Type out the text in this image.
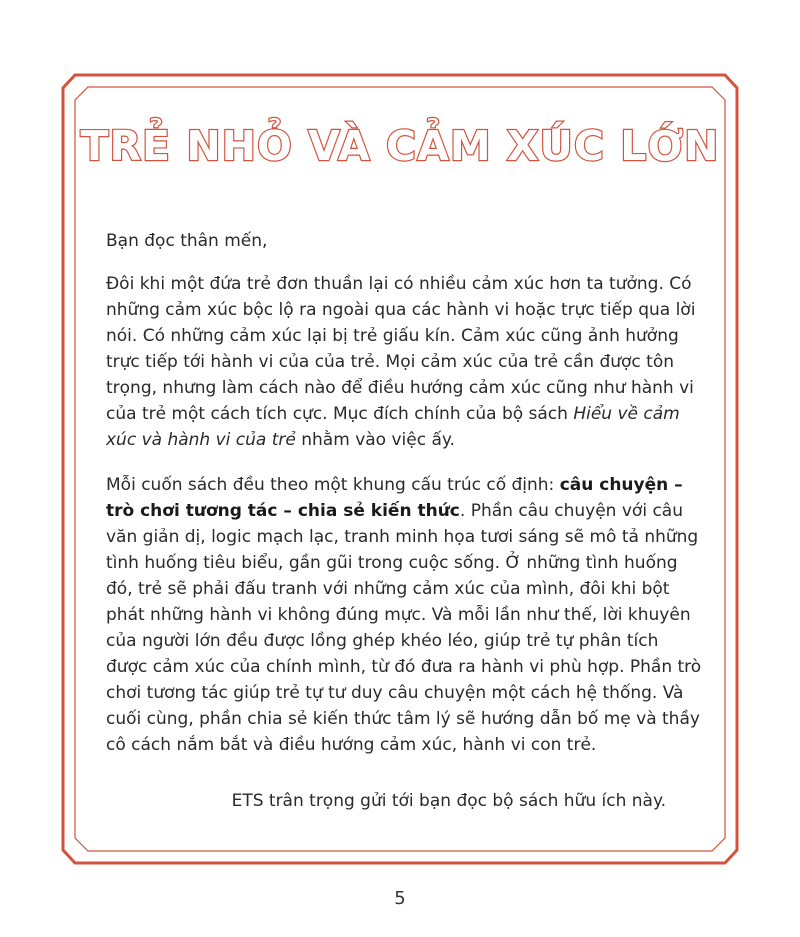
TRẺ NHỎ VÀ CẢM XÚC LỚN

Bạn đọc thân mến,

Đôi khi một đứa trẻ đơn thuần lại có nhiều cảm xúc hơn ta tưởng. Có những cảm xúc bộc lộ ra ngoài qua các hành vi hoặc trực tiếp qua lời nói. Có những cảm xúc lại bị trẻ giấu kín. Cảm xúc cũng ảnh hưởng trực tiếp tới hành vi của của trẻ. Mọi cảm xúc của trẻ cần được tôn trọng, nhưng làm cách nào để điều hướng cảm xúc cũng như hành vi của trẻ một cách tích cực. Mục đích chính của bộ sách Hiểu về cảm xúc và hành vi của trẻ nhằm vào việc ấy.

Mỗi cuốn sách đều theo một khung cấu trúc cố định: câu chuyện – trò chơi tương tác – chia sẻ kiến thức. Phần câu chuyện với câu văn giản dị, logic mạch lạc, tranh minh họa tươi sáng sẽ mô tả những tình huống tiêu biểu, gần gũi trong cuộc sống. Ở những tình huống đó, trẻ sẽ phải đấu tranh với những cảm xúc của mình, đôi khi bột phát những hành vi không đúng mực. Và mỗi lần như thế, lời khuyên của người lớn đều được lồng ghép khéo léo, giúp trẻ tự phân tích được cảm xúc của chính mình, từ đó đưa ra hành vi phù hợp. Phần trò chơi tương tác giúp trẻ tự tư duy câu chuyện một cách hệ thống. Và cuối cùng, phần chia sẻ kiến thức tâm lý sẽ hướng dẫn bố mẹ và thầy cô cách nắm bắt và điều hướng cảm xúc, hành vi con trẻ.

ETS trân trọng gửi tới bạn đọc bộ sách hữu ích này.
5
